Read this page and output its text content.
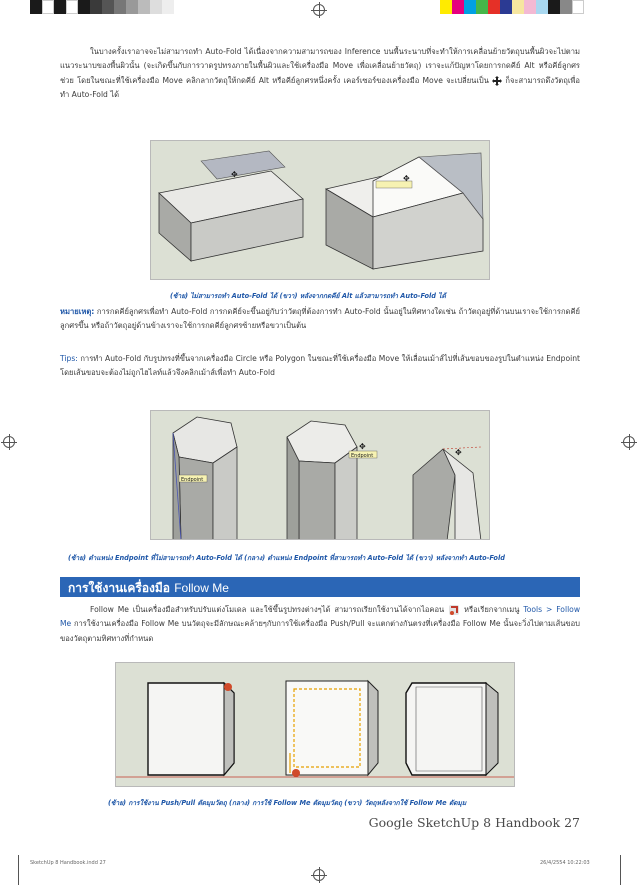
ในบางครั้งเราอาจจะไม่สามารถทำ Auto-Fold ได้เนื่องจากความสามารถของ Inference บนพื้นระนาบที่จะทำให้การเคลื่อนย้ายวัตถุบนพื้นผิวจะไปตามแนวระนาบของพื้นผิวนั้น (จะเกิดขึ้นกับการวาดรูปทรงภายในพื้นผิวและใช้เครื่องมือ Move เพื่อเคลื่อนย้ายวัตถุ) เราจะแก้ปัญหาโดยการกดคีย์ Alt หรือคีย์ลูกศรช่วย โดยในขณะที่ใช้เครื่องมือ Move คลิกลากวัตถุให้กดคีย์ Alt หรือคีย์ลูกศรหนึ่งครั้ง เคอร์เซอร์ของเครื่องมือ Move จะเปลี่ยนเป็น ก็จะสามารถดึงวัตถุเพื่อทำ Auto-Fold ได้
✥	✥
(ซ้าย) ไม่สามารถทำ Auto-Fold ได้ (ขวา) หลังจากกดคีย์ Alt แล้วสามารถทำ Auto-Fold ได้
หมายเหตุ: การกดคีย์ลูกศรเพื่อทำ Auto-Fold การกดคีย์จะขึ้นอยู่กับว่าวัตถุที่ต้องการทำ Auto-Fold นั้นอยู่ในทิศทางใดเช่น ถ้าวัตถุอยู่ที่ด้านบนเราจะใช้การกดคีย์ลูกศรขึ้น หรือถ้าวัตถุอยู่ด้านข้างเราจะใช้การกดคีย์ลูกศรซ้ายหรือขวาเป็นต้น
Tips: การทำ Auto-Fold กับรูปทรงที่ขึ้นจากเครื่องมือ Circle หรือ Polygon ในขณะที่ใช้เครื่องมือ Move ให้เลื่อนเม้าส์ไปที่เส้นขอบของรูปในตำแหน่ง Endpoint โดยเส้นขอบจะต้องไม่ถูกไฮไลท์แล้วจึงคลิกเม้าส์เพื่อทำ Auto-Fold
Endpoint
Endpoint
✥
✥
(ซ้าย) ตำแหน่ง Endpoint ที่ไม่สามารถทำ Auto-Fold ได้ (กลาง) ตำแหน่ง Endpoint ที่สามารถทำ Auto-Fold ได้ (ขวา) หลังจากทำ Auto-Fold
การใช้งานเครื่องมือ Follow Me
Follow Me เป็นเครื่องมือสำหรับปรับแต่งโมเดล และใช้ขึ้นรูปทรงต่างๆได้ สามารถเรียกใช้งานได้จากไอคอน	หรือเรียกจากเมนู Tools > Follow Me การใช้งานเครื่องมือ Follow Me บนวัตถุจะมีลักษณะคล้ายๆกับการใช้เครื่องมือ Push/Pull จะแตกต่างกันตรงที่เครื่องมือ Follow Me นั้นจะวิ่งไปตามเส้นขอบของวัตถุตามทิศทางที่กำหนด
(ซ้าย) การใช้งาน Push/Pull ตัดมุมวัตถุ (กลาง) การใช้ Follow Me ตัดมุมวัตถุ (ขวา) วัตถุหลังจากใช้ Follow Me ตัดมุม
Google SketchUp 8 Handbook 27
SketchUp 8 Handbook.indd 27	26/4/2554 10:22:03
